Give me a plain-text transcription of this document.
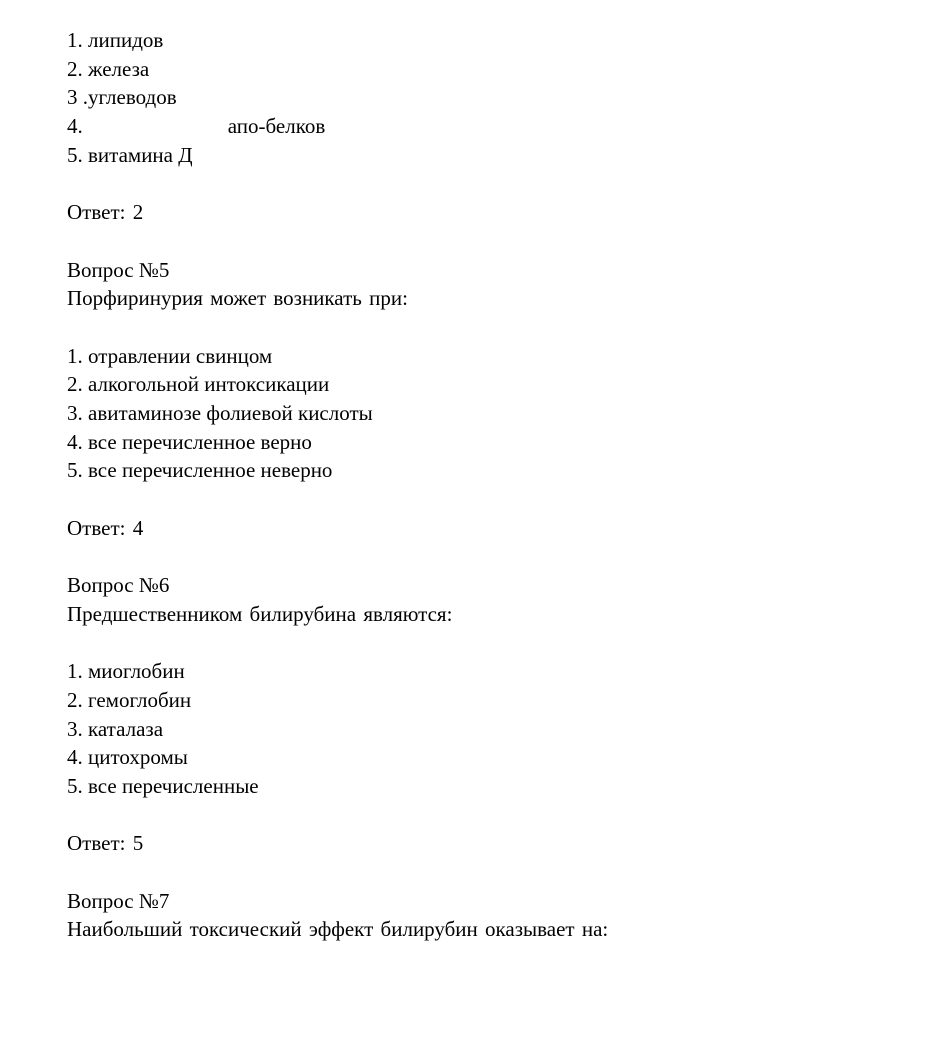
1. липидов
2. железа
3 .углеводов
4.	апо-белков
5. витамина Д
Ответ: 2
Вопрос №5
Порфиринурия может возникать при:
1. отравлении свинцом
2. алкогольной интоксикации
3. авитаминозе фолиевой кислоты
4. все перечисленное верно
5. все перечисленное неверно
Ответ: 4
Вопрос №6
Предшественником билирубина являются:
1. миоглобин
2. гемоглобин
3. каталаза
4. цитохромы
5. все перечисленные
Ответ: 5
Вопрос №7
Наибольший токсический эффект билирубин оказывает на:
